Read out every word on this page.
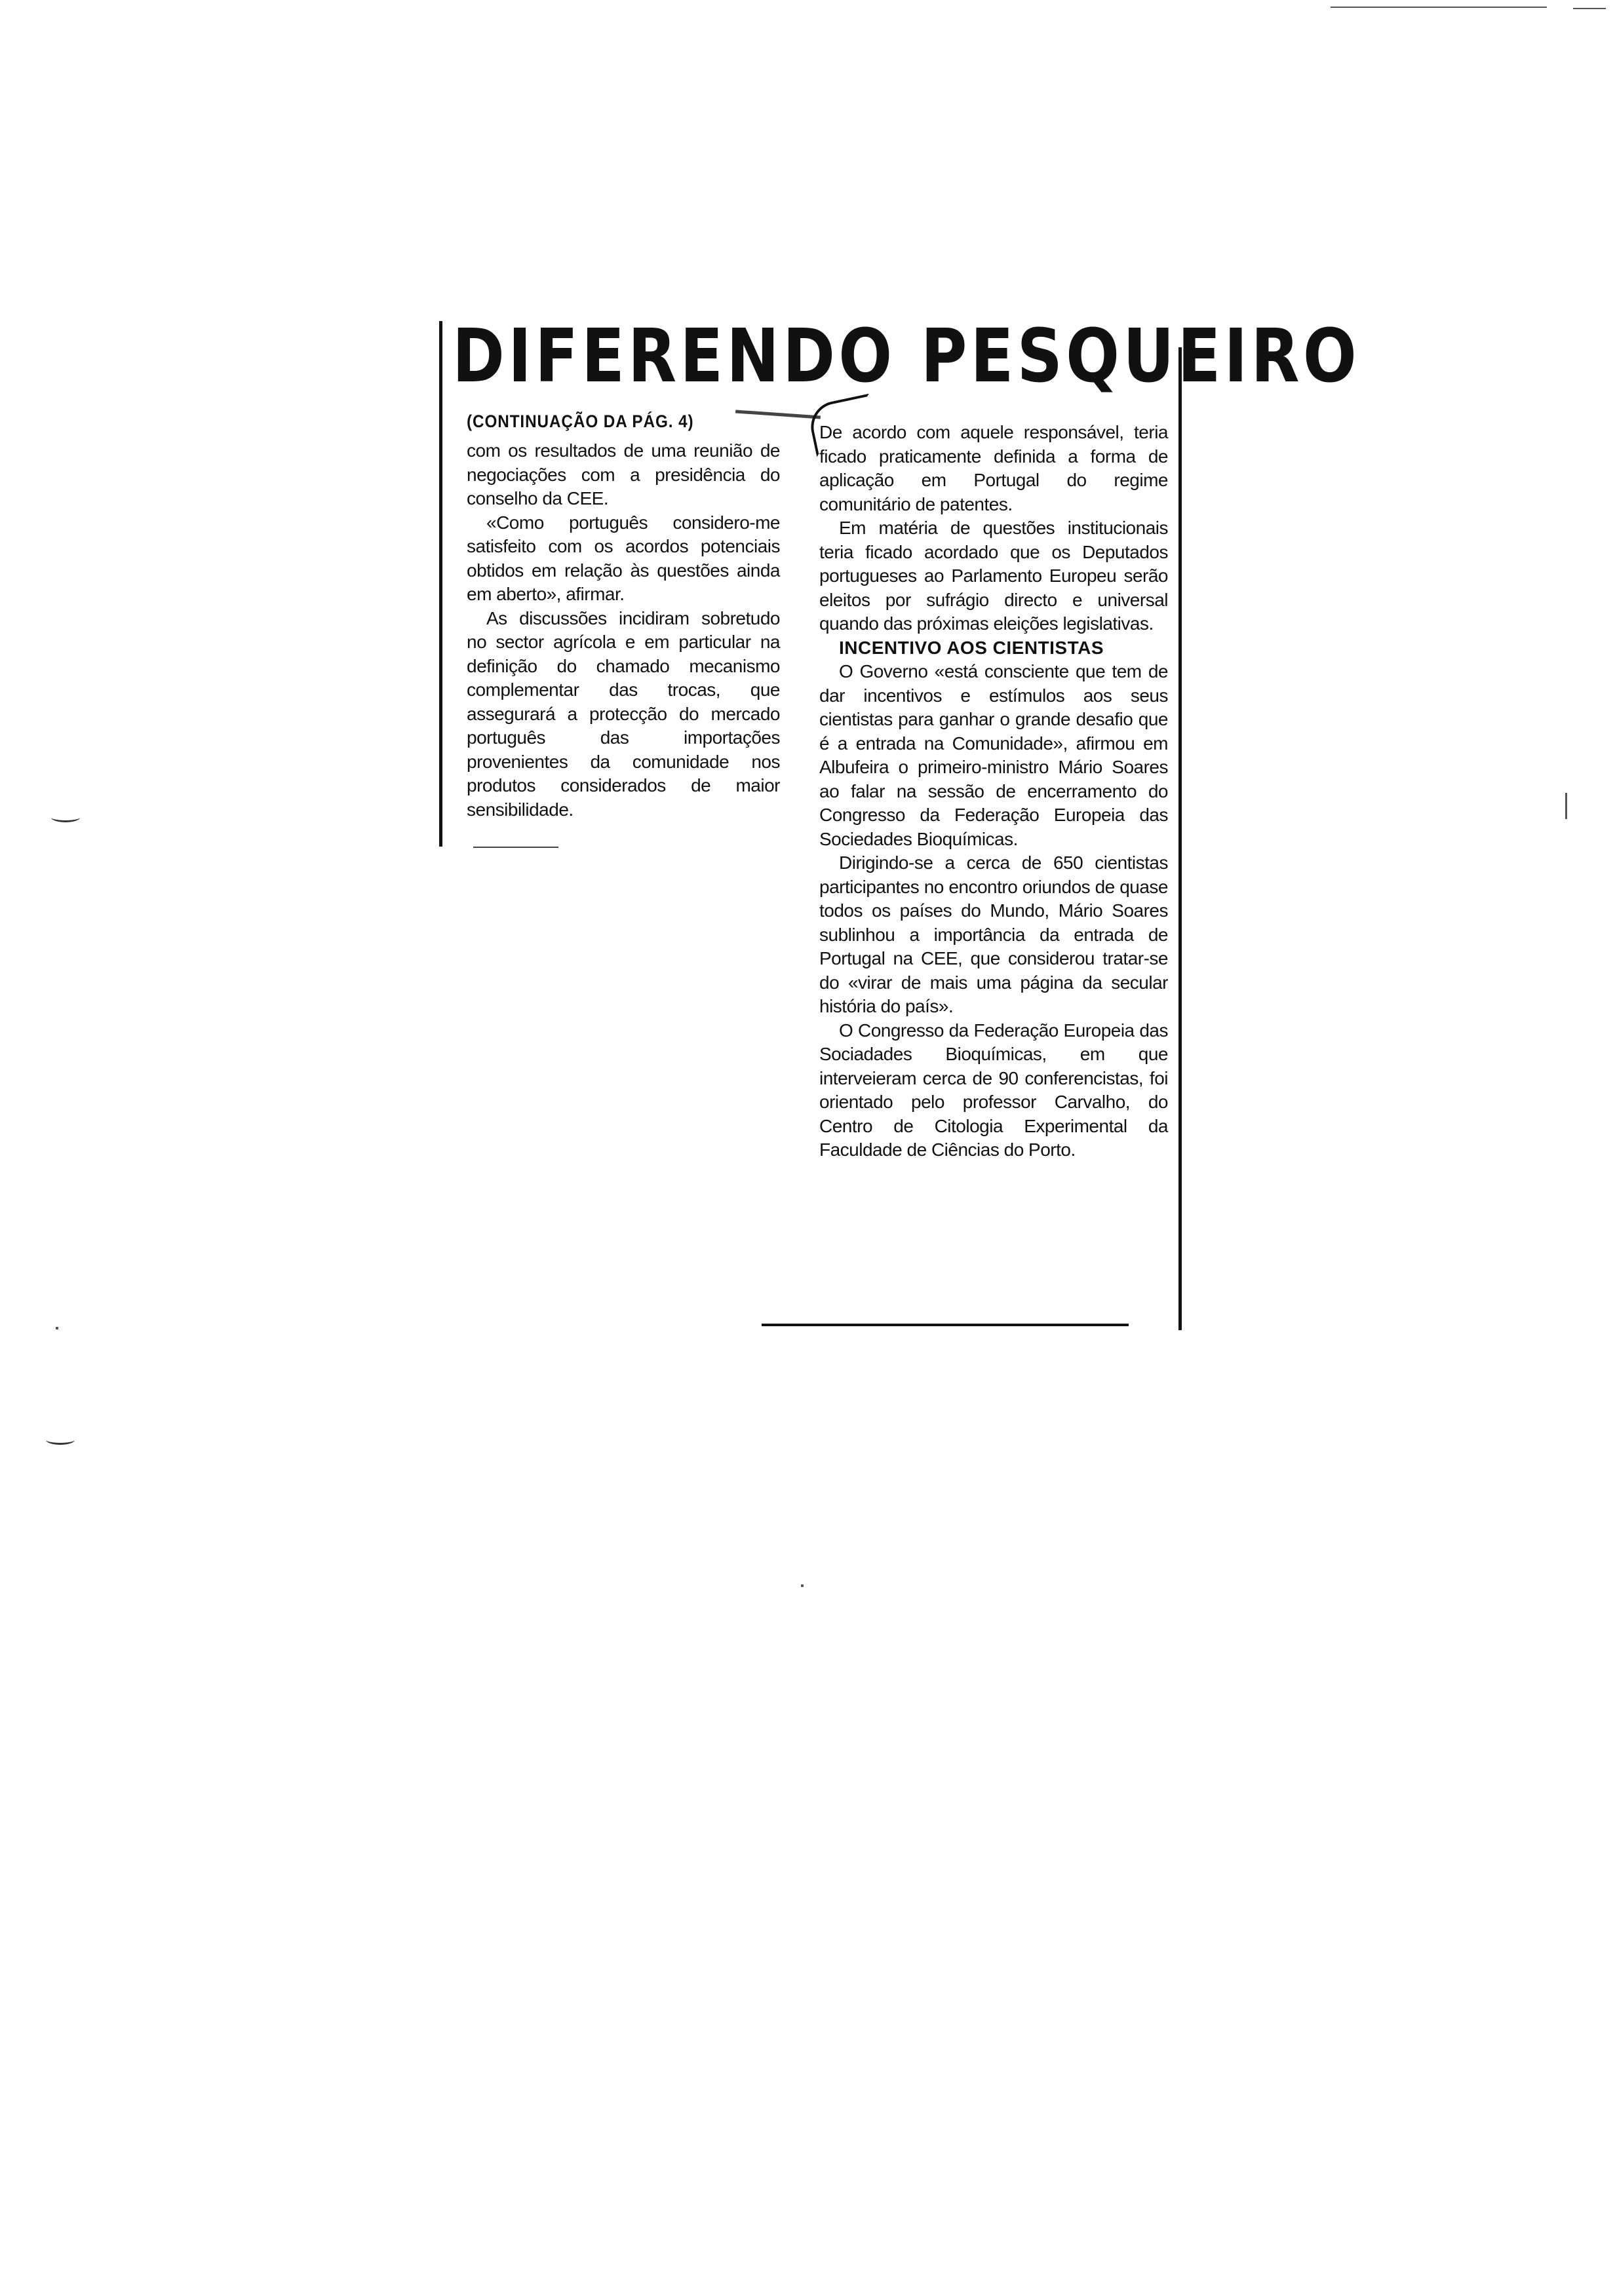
DIFERENDO PESQUEIRO
(CONTINUAÇÃO DA PÁG. 4)

com os resultados de uma reunião de negociações com a presidência do conselho da CEE.

«Como português considero-me satisfeito com os acordos potenciais obtidos em relação às questões ainda em aberto», afirmar.

As discussões incidiram sobretudo no sector agrícola e em particular na definição do chamado mecanismo complementar das trocas, que assegurará a protecção do mercado português das importações provenientes da comunidade nos produtos considerados de maior sensibilidade.

De acordo com aquele responsável, teria ficado praticamente definida a forma de aplicação em Portugal do regime comunitário de patentes.

Em matéria de questões institucionais teria ficado acordado que os Deputados portugueses ao Parlamento Europeu serão eleitos por sufrágio directo e universal quando das próximas eleições legislativas.

INCENTIVO AOS CIENTISTAS

O Governo «está consciente que tem de dar incentivos e estímulos aos seus cientistas para ganhar o grande desafio que é a entrada na Comunidade», afirmou em Albufeira o primeiro-ministro Mário Soares ao falar na sessão de encerramento do Congresso da Federação Europeia das Sociedades Bioquímicas.

Dirigindo-se a cerca de 650 cientistas participantes no encontro oriundos de quase todos os países do Mundo, Mário Soares sublinhou a importância da entrada de Portugal na CEE, que considerou tratar-se do «virar de mais uma página da secular história do país».

O Congresso da Federação Europeia das Sociadades Bioquímicas, em que interveieram cerca de 90 conferencistas, foi orientado pelo professor Carvalho, do Centro de Citologia Experimental da Faculdade de Ciências do Porto.
